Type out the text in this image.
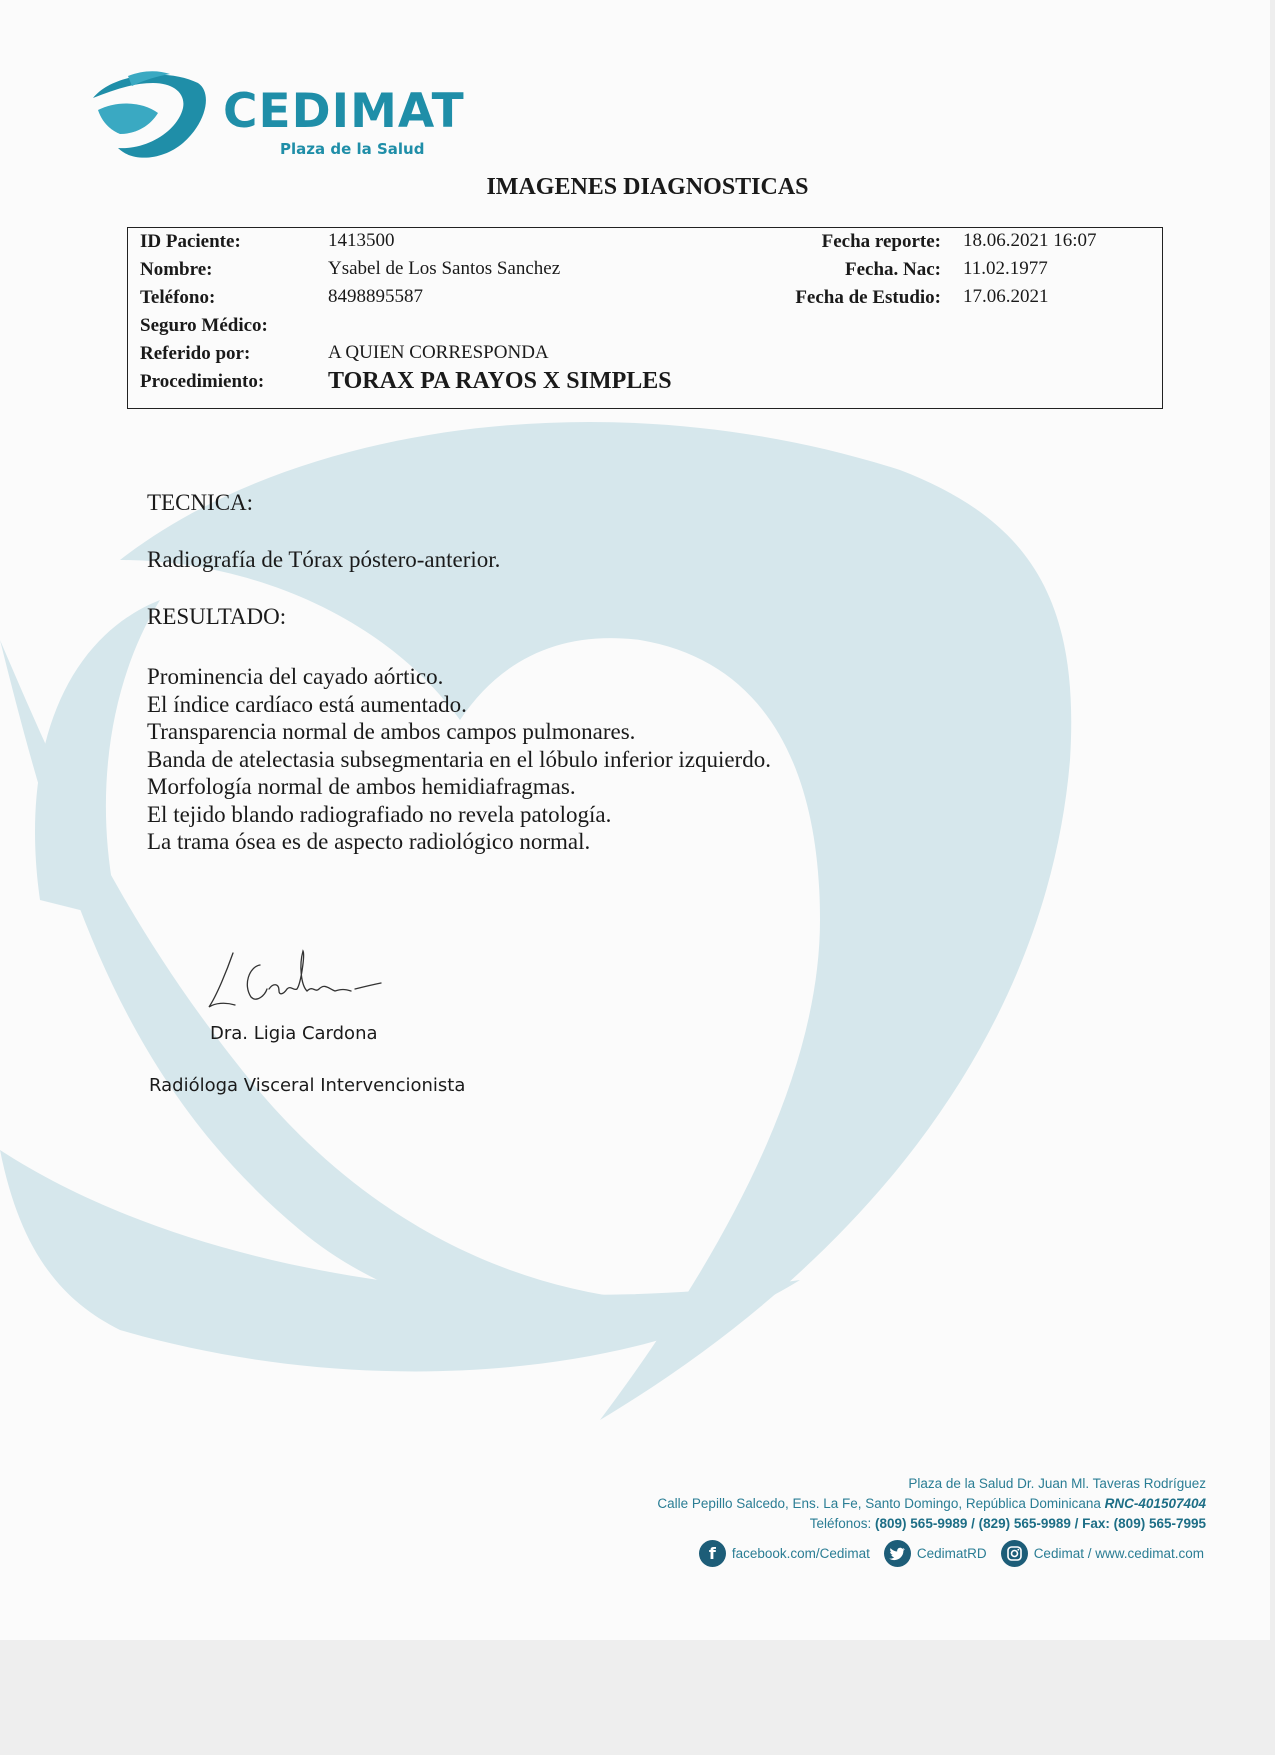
CEDIMAT
Plaza de la Salud
IMAGENES DIAGNOSTICAS
ID Paciente:	1413500
Nombre:	Ysabel de Los Santos Sanchez
Teléfono:	8498895587
Seguro Médico:
Referido por:	A QUIEN CORRESPONDA
Procedimiento:	TORAX PA RAYOS X SIMPLES
Fecha reporte: 18.06.2021 16:07
Fecha. Nac: 11.02.1977
Fecha de Estudio: 17.06.2021
TECNICA:
Radiografía de Tórax póstero-anterior.
RESULTADO:
Prominencia del cayado aórtico.
El índice cardíaco está aumentado.
Transparencia normal de ambos campos pulmonares.
Banda de atelectasia subsegmentaria en el lóbulo inferior izquierdo.
Morfología normal de ambos hemidiafragmas.
El tejido blando radiografiado no revela patología.
La trama ósea es de aspecto radiológico normal.
Dra. Ligia Cardona
Radióloga Visceral Intervencionista
Plaza de la Salud Dr. Juan Ml. Taveras Rodríguez
Calle Pepillo Salcedo, Ens. La Fe, Santo Domingo, República Dominicana RNC-401507404
Teléfonos: (809) 565-9989 / (829) 565-9989 / Fax: (809) 565-7995
f	facebook.com/Cedimat	CedimatRD	Cedimat / www.cedimat.com
